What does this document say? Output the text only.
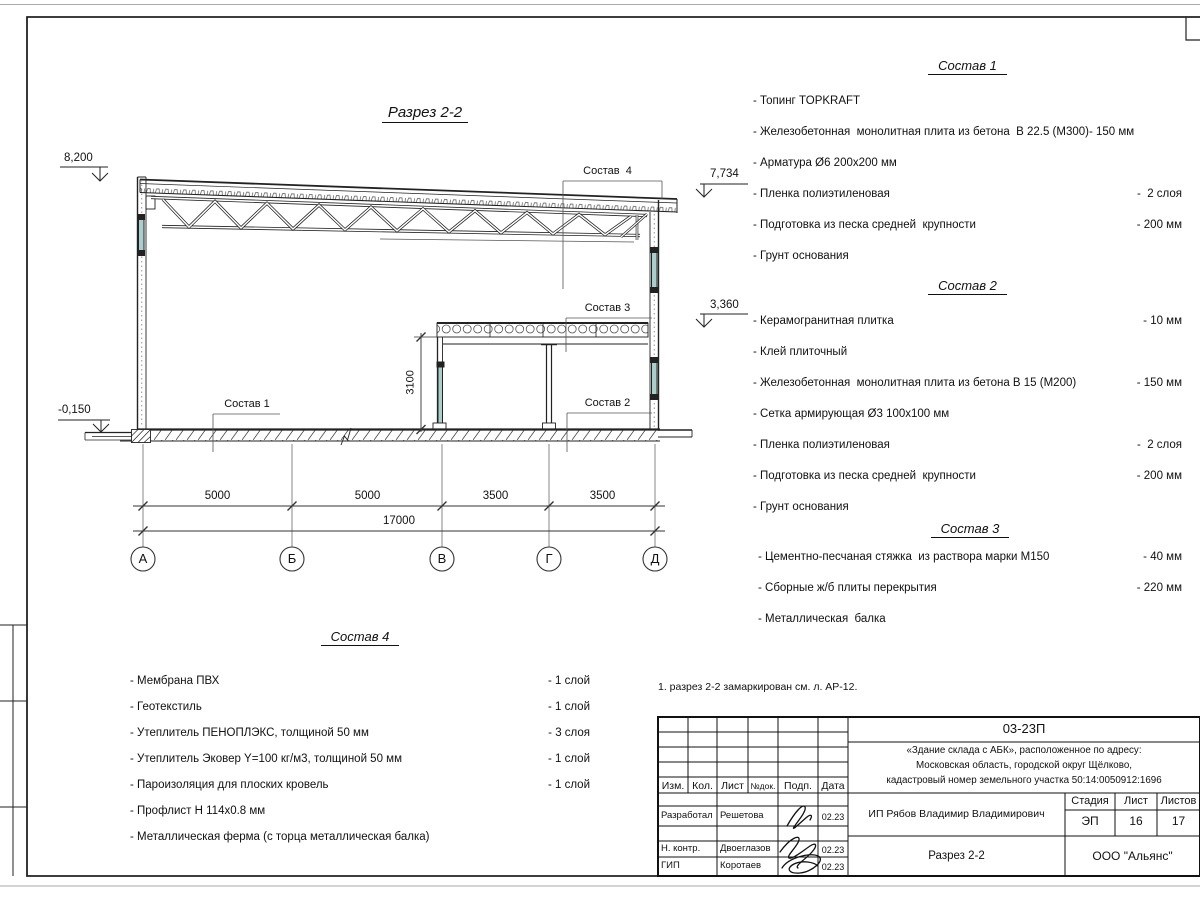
Разрез 2-2
Состав  4
Состав 3
Состав 2
Состав 1
8,200
7,734
3,360
-0,150
5000	5000	3500	3500
17000
3100
А	Б	В	Г	Д
1. разрез 2-2 замаркирован см. л. АР-12.
Состав 1
- Топинг TOPKRAFT
- Железобетонная  монолитная плита из бетона  В 22.5 (М300)- 150 мм
- Арматура Ø6 200х200 мм
- Пленка полиэтиленовая	-  2 слоя
- Подготовка из песка средней  крупности	- 200 мм
- Грунт основания
Состав 2
- Керамогранитная плитка	- 10 мм
- Клей плиточный
- Железобетонная  монолитная плита из бетона В 15 (М200)	- 150 мм
- Сетка армирующая Ø3 100х100 мм
- Пленка полиэтиленовая	-  2 слоя
- Подготовка из песка средней  крупности	- 200 мм
- Грунт основания
Состав 3
- Цементно-песчаная стяжка  из раствора марки М150	- 40 мм
- Сборные ж/б плиты перекрытия	- 220 мм
- Металлическая  балка
Состав 4
- Мембрана ПВХ	- 1 слой
- Геотекстиль	- 1 слой
- Утеплитель ПЕНОПЛЭКС, толщиной 50 мм	- 3 слоя
- Утеплитель Эковер Y=100 кг/м3, толщиной 50 мм	- 1 слой
- Пароизоляция для плоских кровель	- 1 слой
- Профлист Н 114х0.8 мм
- Металлическая ферма (с торца металлическая балка)
03-23П
«Здание склада с АБК», расположенное по адресу:
Московская область, городской округ Щёлково,
кадастровый номер земельного участка 50:14:0050912:1696
Изм. Кол. Лист №док. Подп. Дата
Разработал Решетова	02.23
Н. контр. Двоеглазов	02.23
ГИП	Коротаев	02.23
ИП Рябов Владимир Владимирович
Стадия	Лист	Листов
ЭП	16	17
Разрез 2-2	ООО "Альянс"
